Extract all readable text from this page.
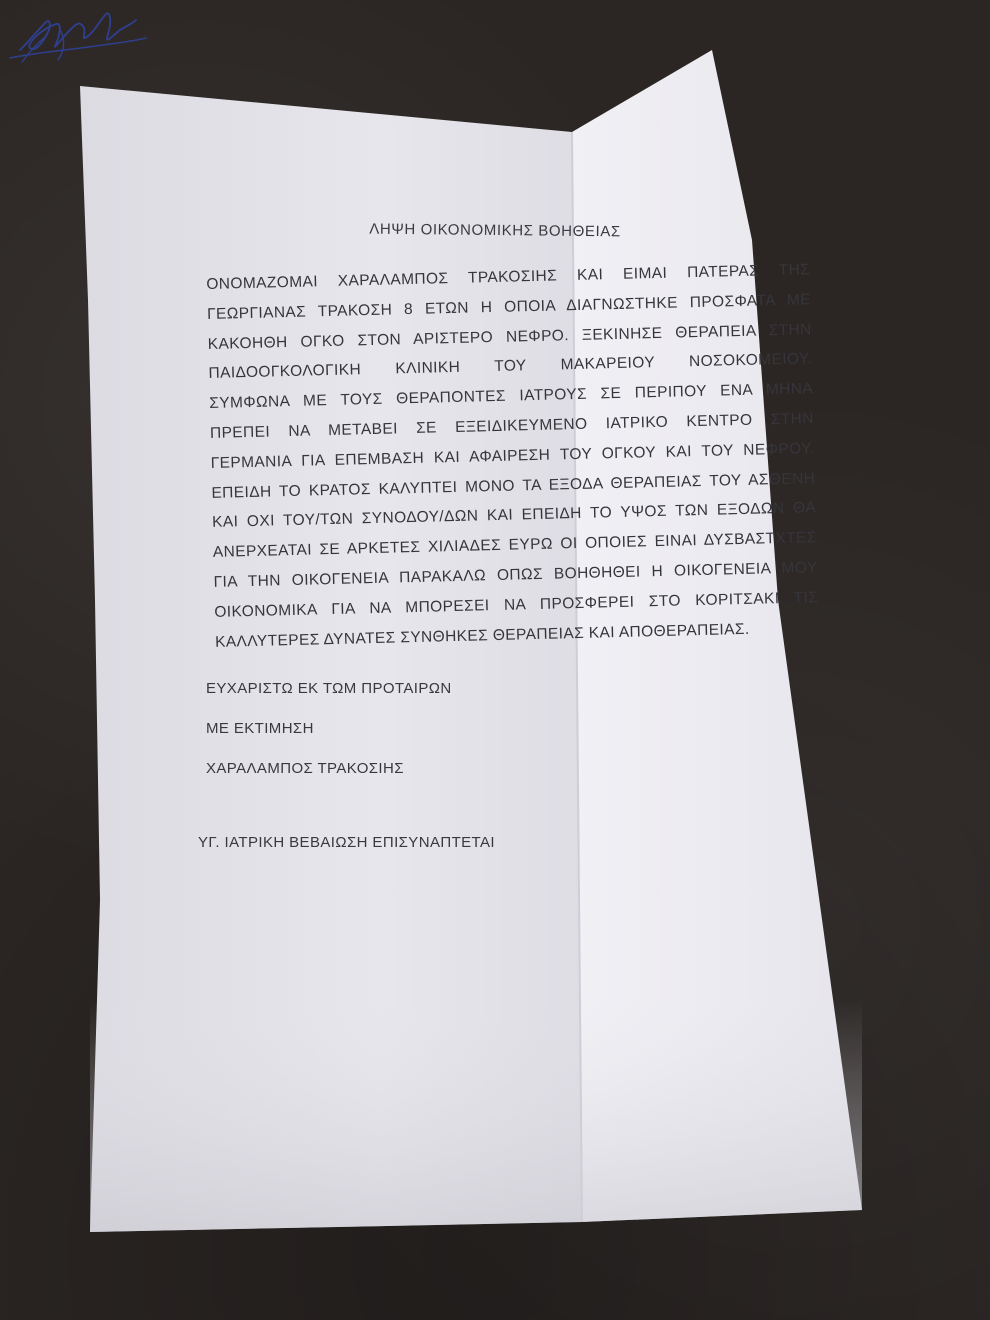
ΛΗΨΗ ΟΙΚΟΝΟΜΙΚΗΣ ΒΟΗΘΕΙΑΣ
ΟΝΟΜΑΖΟΜΑΙ ΧΑΡΑΛΑΜΠΟΣ ΤΡΑΚΟΣΙΗΣ ΚΑΙ ΕΙΜΑΙ ΠΑΤΕΡΑΣ ΤΗΣ
ΓΕΩΡΓΙΑΝΑΣ ΤΡΑΚΟΣΗ 8 ΕΤΩΝ Η ΟΠΟΙΑ ΔΙΑΓΝΩΣΤΗΚΕ ΠΡΟΣΦΑΤΑ ΜΕ
ΚΑΚΟΗΘΗ ΟΓΚΟ ΣΤΟΝ ΑΡΙΣΤΕΡΟ ΝΕΦΡΟ. ΞΕΚΙΝΗΣΕ ΘΕΡΑΠΕΙΑ ΣΤΗΝ
ΠΑΙΔΟΟΓΚΟΛΟΓΙΚΗ ΚΛΙΝΙΚΗ ΤΟΥ ΜΑΚΑΡΕΙΟΥ ΝΟΣΟΚΟΜΕΙΟΥ.
ΣΥΜΦΩΝΑ ΜΕ ΤΟΥΣ ΘΕΡΑΠΟΝΤΕΣ ΙΑΤΡΟΥΣ ΣΕ ΠΕΡΙΠΟΥ ΕΝΑ ΜΗΝΑ
ΠΡΕΠΕΙ ΝΑ ΜΕΤΑΒΕΙ ΣΕ ΕΞΕΙΔΙΚΕΥΜΕΝΟ ΙΑΤΡΙΚΟ ΚΕΝΤΡΟ ΣΤΗΝ
ΓΕΡΜΑΝΙΑ ΓΙΑ ΕΠΕΜΒΑΣΗ ΚΑΙ ΑΦΑΙΡΕΣΗ ΤΟΥ ΟΓΚΟΥ ΚΑΙ ΤΟΥ ΝΕΦΡΟΥ.
ΕΠΕΙΔΗ ΤΟ ΚΡΑΤΟΣ ΚΑΛΥΠΤΕΙ ΜΟΝΟ ΤΑ ΕΞΟΔΑ ΘΕΡΑΠΕΙΑΣ ΤΟΥ ΑΣΘΕΝΗ
ΚΑΙ ΟΧΙ ΤΟΥ/ΤΩΝ ΣΥΝΟΔΟΥ/ΔΩΝ ΚΑΙ ΕΠΕΙΔΗ ΤΟ ΥΨΟΣ ΤΩΝ ΕΞΟΔΩΝ ΘΑ
ΑΝΕΡΧΕΑΤΑΙ ΣΕ ΑΡΚΕΤΕΣ ΧΙΛΙΑΔΕΣ ΕΥΡΩ ΟΙ ΟΠΟΙΕΣ ΕΙΝΑΙ ΔΥΣΒΑΣΤΧΤΕΣ
ΓΙΑ ΤΗΝ ΟΙΚΟΓΕΝΕΙΑ ΠΑΡΑΚΑΛΩ ΟΠΩΣ ΒΟΗΘΗΘΕΙ Η ΟΙΚΟΓΕΝΕΙΑ ΜΟΥ
ΟΙΚΟΝΟΜΙΚΑ ΓΙΑ ΝΑ ΜΠΟΡΕΣΕΙ ΝΑ ΠΡΟΣΦΕΡΕΙ ΣΤΟ ΚΟΡΙΤΣΑΚΙ ΤΙΣ
ΚΑΛΛΥΤΕΡΕΣ ΔΥΝΑΤΕΣ ΣΥΝΘΗΚΕΣ ΘΕΡΑΠΕΙΑΣ ΚΑΙ ΑΠΟΘΕΡΑΠΕΙΑΣ.
ΕΥΧΑΡΙΣΤΩ ΕΚ ΤΩΜ ΠΡΟΤΑΙΡΩΝ
ΜΕ ΕΚΤΙΜΗΣΗ
ΧΑΡΑΛΑΜΠΟΣ ΤΡΑΚΟΣΙΗΣ
ΥΓ. ΙΑΤΡΙΚΗ ΒΕΒΑΙΩΣΗ ΕΠΙΣΥΝΑΠΤΕΤΑΙ
